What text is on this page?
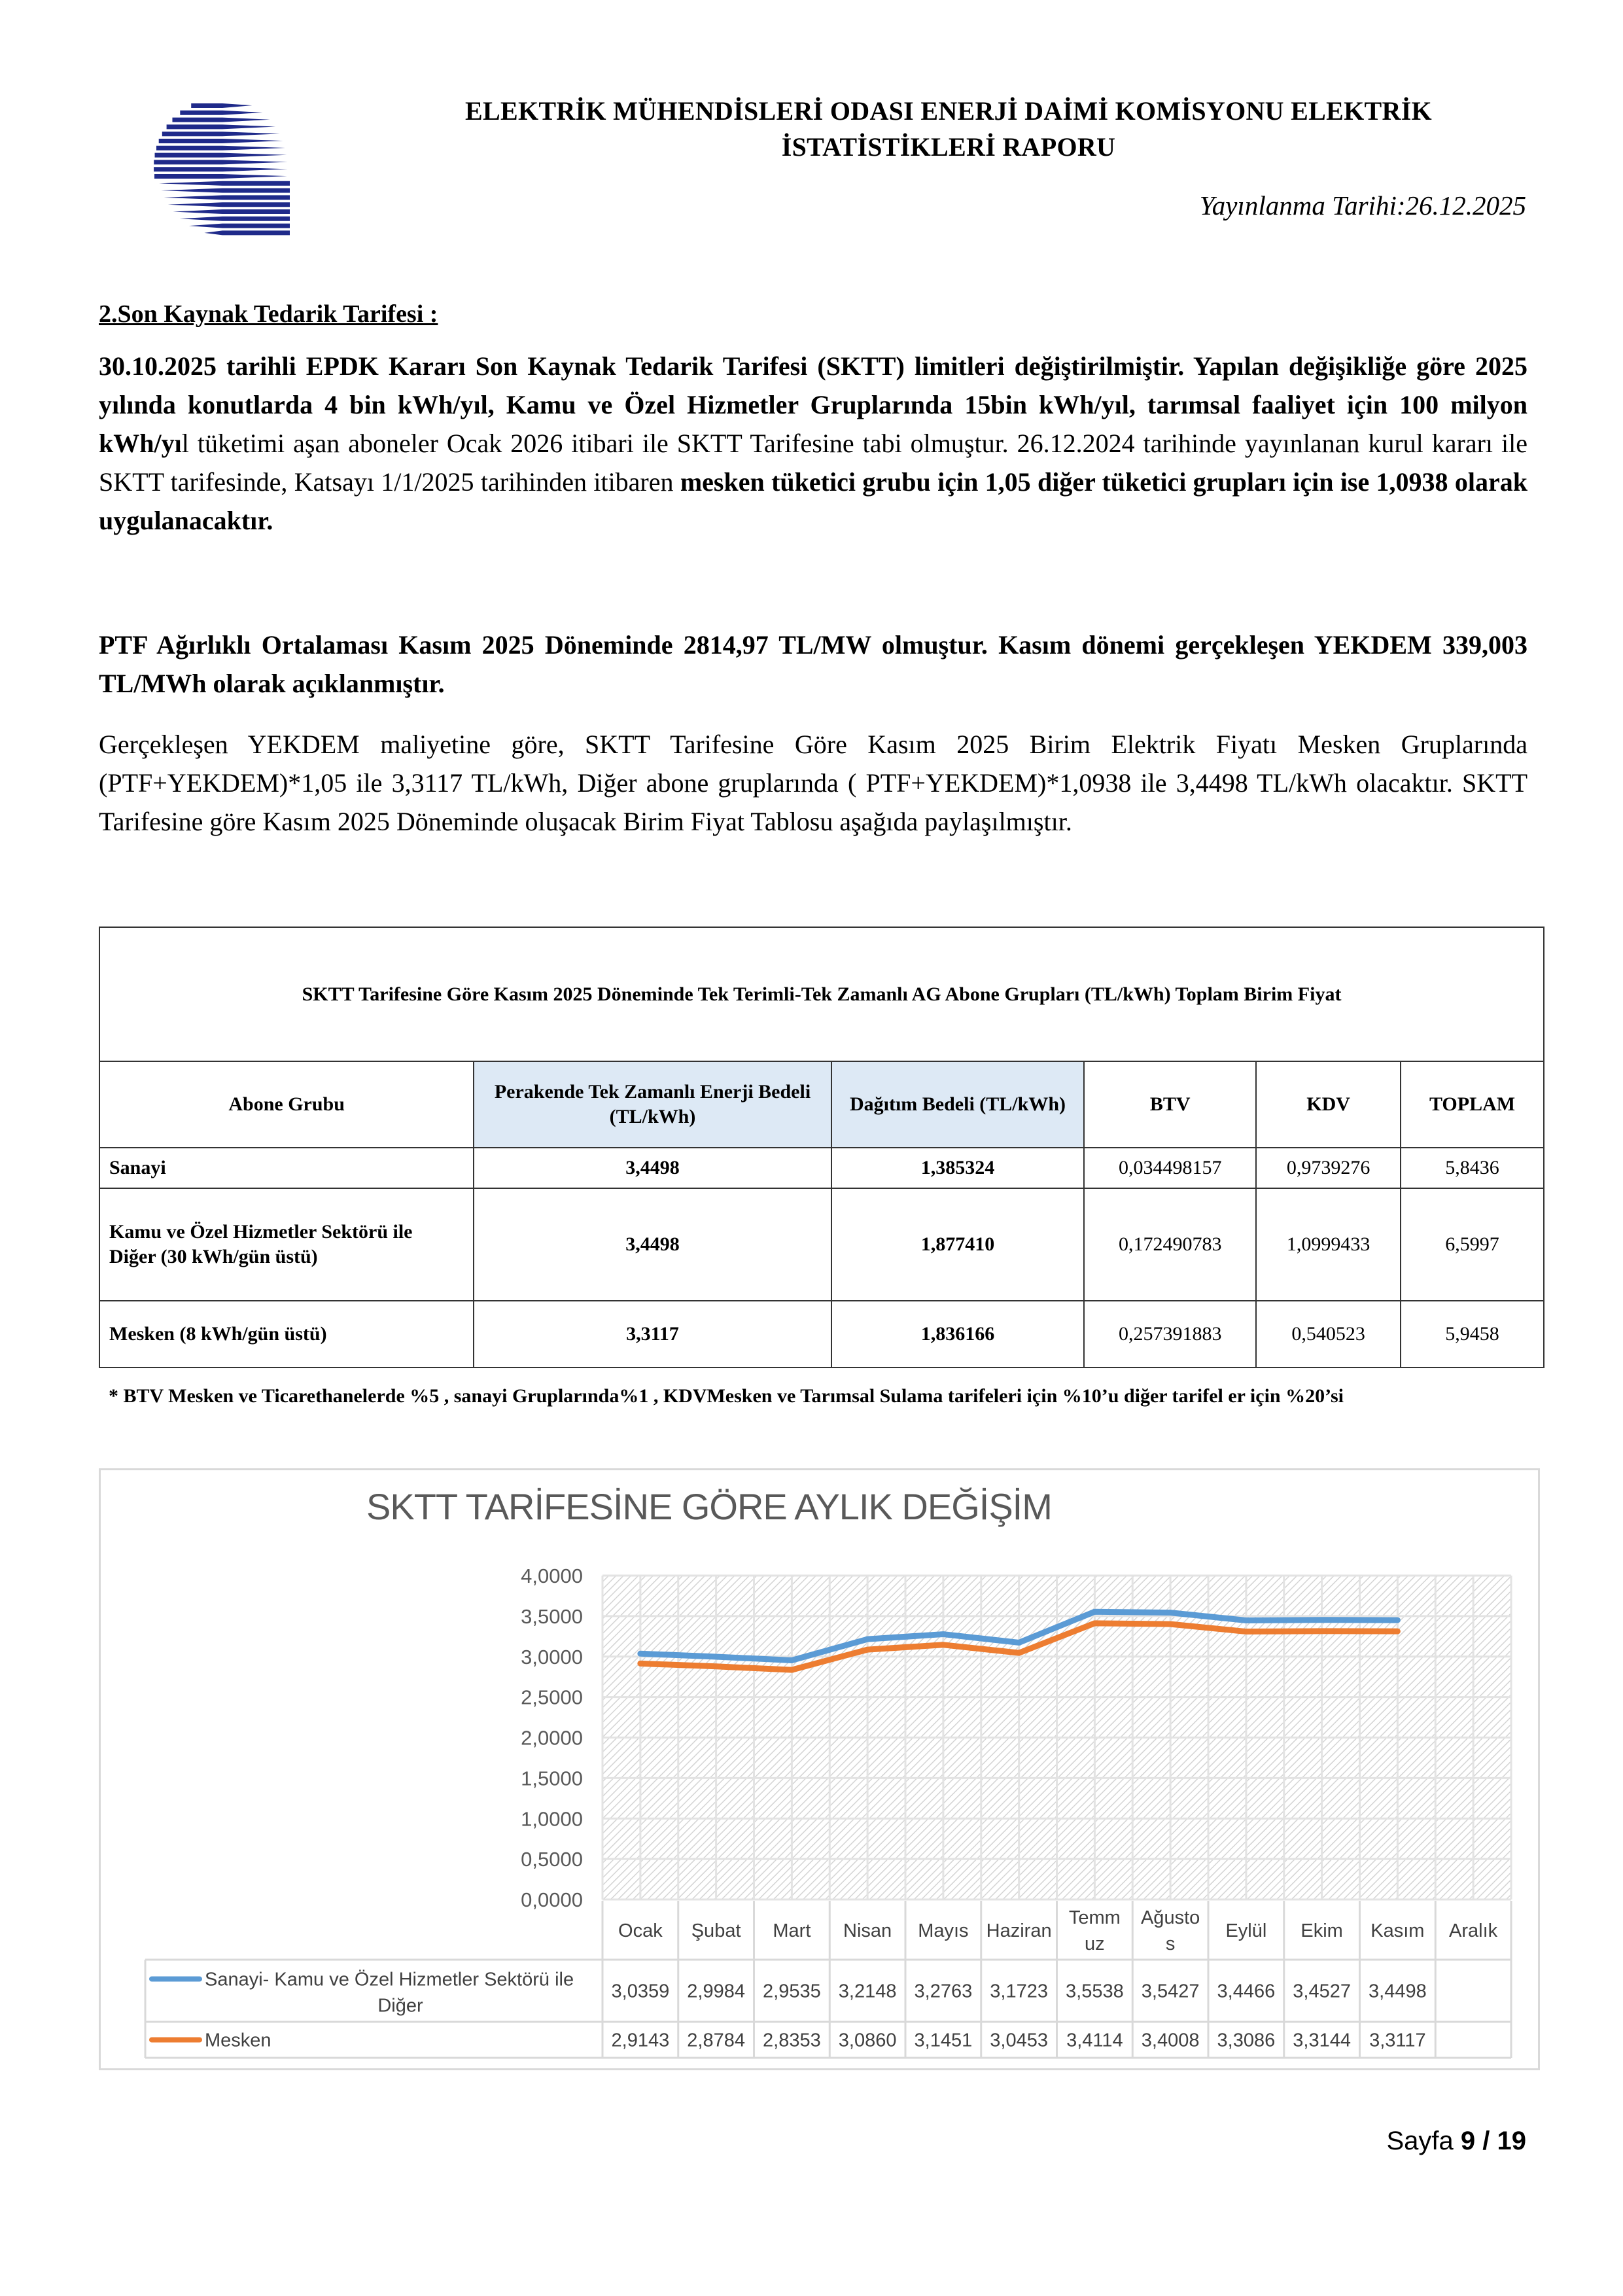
ELEKTRİK MÜHENDİSLERİ ODASI ENERJİ DAİMİ KOMİSYONU ELEKTRİK
İSTATİSTİKLERİ RAPORU
Yayınlanma Tarihi:26.12.2025
2.Son Kaynak Tedarik Tarifesi :
30.10.2025 tarihli EPDK Kararı Son Kaynak Tedarik Tarifesi (SKTT) limitleri değiştirilmiştir. Yapılan değişikliğe göre 2025 yılında konutlarda 4 bin kWh/yıl, Kamu ve Özel Hizmetler Gruplarında 15bin kWh/yıl, tarımsal faaliyet için 100 milyon kWh/yıl tüketimi aşan aboneler Ocak 2026 itibari ile SKTT Tarifesine tabi olmuştur. 26.12.2024 tarihinde yayınlanan kurul kararı ile SKTT tarifesinde, Katsayı 1/1/2025 tarihinden itibaren mesken tüketici grubu için 1,05 diğer tüketici grupları için ise 1,0938 olarak uygulanacaktır.
PTF Ağırlıklı Ortalaması Kasım 2025 Döneminde 2814,97 TL/MW olmuştur. Kasım dönemi gerçekleşen YEKDEM 339,003 TL/MWh olarak açıklanmıştır.
Gerçekleşen YEKDEM maliyetine göre, SKTT Tarifesine Göre Kasım 2025 Birim Elektrik Fiyatı Mesken Gruplarında (PTF+YEKDEM)*1,05 ile 3,3117 TL/kWh, Diğer abone gruplarında ( PTF+YEKDEM)*1,0938 ile 3,4498 TL/kWh olacaktır. SKTT Tarifesine göre Kasım 2025 Döneminde oluşacak Birim Fiyat Tablosu aşağıda paylaşılmıştır.
SKTT Tarifesine Göre Kasım 2025 Döneminde Tek Terimli-Tek Zamanlı AG Abone Grupları (TL/kWh) Toplam Birim Fiyat					
Abone Grubu	Perakende Tek Zamanlı Enerji Bedeli (TL/kWh)	Dağıtım Bedeli (TL/kWh)	BTV	KDV	TOPLAM
Sanayi	3,4498	1,385324	0,034498157	0,9739276	5,8436
Kamu ve Özel Hizmetler Sektörü ile Diğer (30 kWh/gün üstü)	3,4498	1,877410	0,172490783	1,0999433	6,5997
Mesken (8 kWh/gün üstü)	3,3117	1,836166	0,257391883	0,540523	5,9458
* BTV Mesken ve Ticarethanelerde %5 , sanayi Gruplarında%1 , KDVMesken ve Tarımsal Sulama tarifeleri için %10’u diğer tarifel er için %20’si
SKTT TARİFESİNE GÖRE AYLIK DEĞİŞİM
0,0000
0,5000
1,0000
1,5000
2,0000
2,5000
3,0000
3,5000
4,0000
Ocak Şubat Mart Nisan Mayıs Haziran
Temm
uz
Ağusto
s
Eylül Ekim Kasım Aralık
Sanayi- Kamu ve Özel Hizmetler Sektörü ile
Diğer
3,0359 2,9984 2,9535 3,2148 3,2763 3,1723 3,5538 3,5427 3,4466 3,4527 3,4498
Mesken	2,9143 2,8784 2,8353 3,0860 3,1451 3,0453 3,4114 3,4008 3,3086 3,3144 3,3117
Sayfa 9 / 19
